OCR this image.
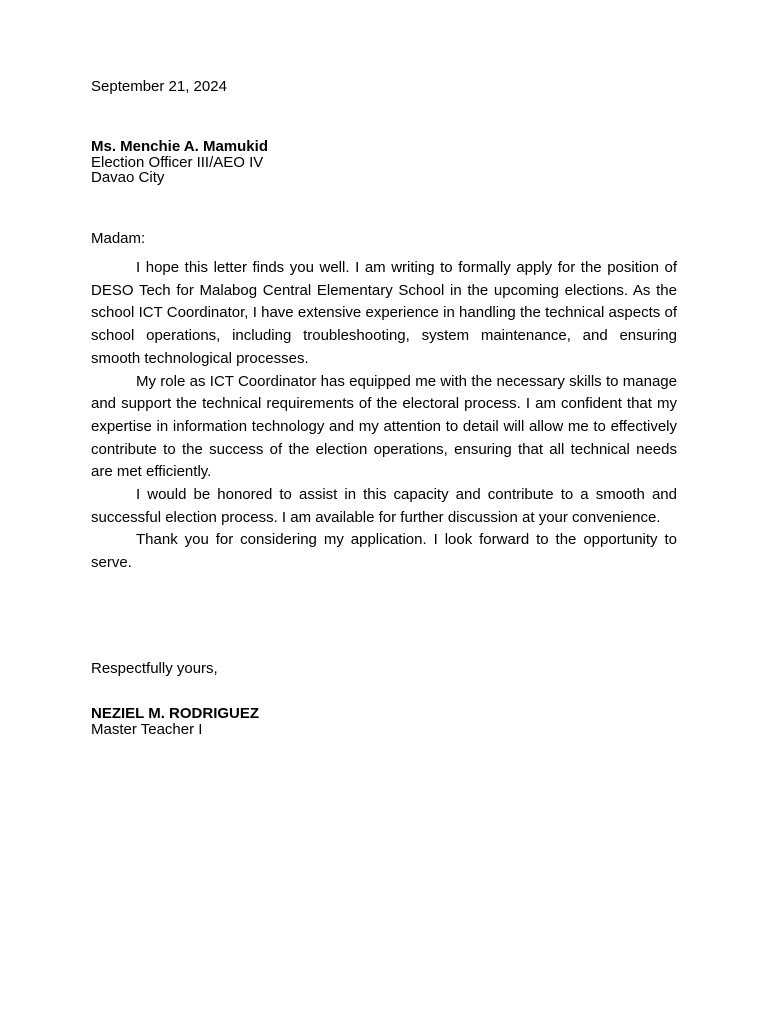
September 21, 2024
Ms. Menchie A. Mamukid
Election Officer III/AEO IV
Davao City
Madam:

I hope this letter finds you well. I am writing to formally apply for the position of DESO Tech for Malabog Central Elementary School in the upcoming elections. As the school ICT Coordinator, I have extensive experience in handling the technical aspects of school operations, including troubleshooting, system maintenance, and ensuring smooth technological processes.

My role as ICT Coordinator has equipped me with the necessary skills to manage and support the technical requirements of the electoral process. I am confident that my expertise in information technology and my attention to detail will allow me to effectively contribute to the success of the election operations, ensuring that all technical needs are met efficiently.

I would be honored to assist in this capacity and contribute to a smooth and successful election process. I am available for further discussion at your convenience.

Thank you for considering my application. I look forward to the opportunity to serve.

Respectfully yours,
NEZIEL M. RODRIGUEZ
Master Teacher I
